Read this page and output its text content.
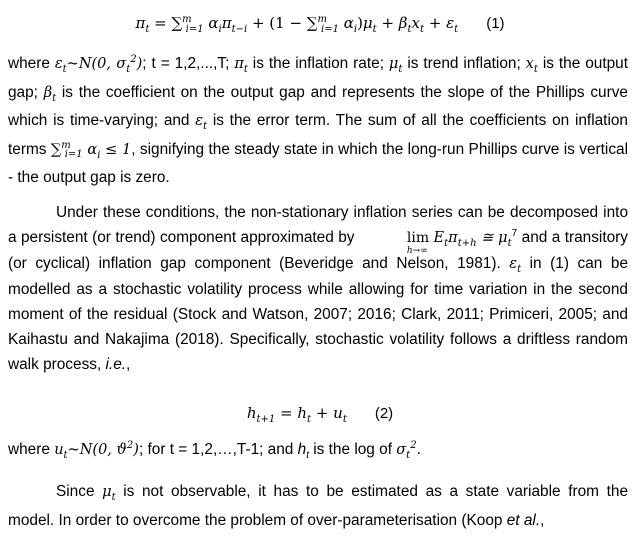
$\pi_t = \sum^m_{i=1}$ $\alpha_i\pi_{t-i} + (1 - \sum^m_{i=1}$ $\alpha_i)\mu_t + \beta_tx_t + \varepsilon_t$ (1)
where $\varepsilon_t\sim N(0$, $\sigma_t^2$); t = 1,2,...,T; $\pi_t$ is the inflation rate; $\mu_t$ is trend inflation; $x_t$ is the output gap; $\beta_t$ is the coefficient on the output gap and represents the slope of the Phillips curve which is time-varying; and $\varepsilon_t$ is the error term. The sum of all the coefficients on inflation terms ∑$^m_{i=1}$ $\alpha_i \le 1$, signifying the steady state in which the long-run Phillips curve is vertical - the output gap is zero.
Under these conditions, the non-stationary inflation series can be decomposed into a persistent (or trend) component approximated by	lim
h→∞
$E_t\pi_{t+h}$ ≅ $\mu_t^7$ and a transitory (or cyclical) inflation gap component (Beveridge and Nelson, 1981). $\varepsilon_t$ in (1) can be modelled as a stochastic volatility process while allowing for time variation in the second moment of the residual (Stock and Watson, 2007; 2016; Clark, 2011; Primiceri, 2005; and Kaihastu and Nakajima (2018). Specifically, stochastic volatility follows a driftless random walk process, i.e.,
$h_{t+1} = h_t + u_t$ (2)
where $u_t\sim N(0$, $ϑ^2$); for t = 1,2,…,T-1; and $h_t$ is the log of $\sigma_t^2$.
Since $\mu_t$ is not observable, it has to be estimated as a state variable from the model. In order to overcome the problem of over-parameterisation (Koop et al.,
